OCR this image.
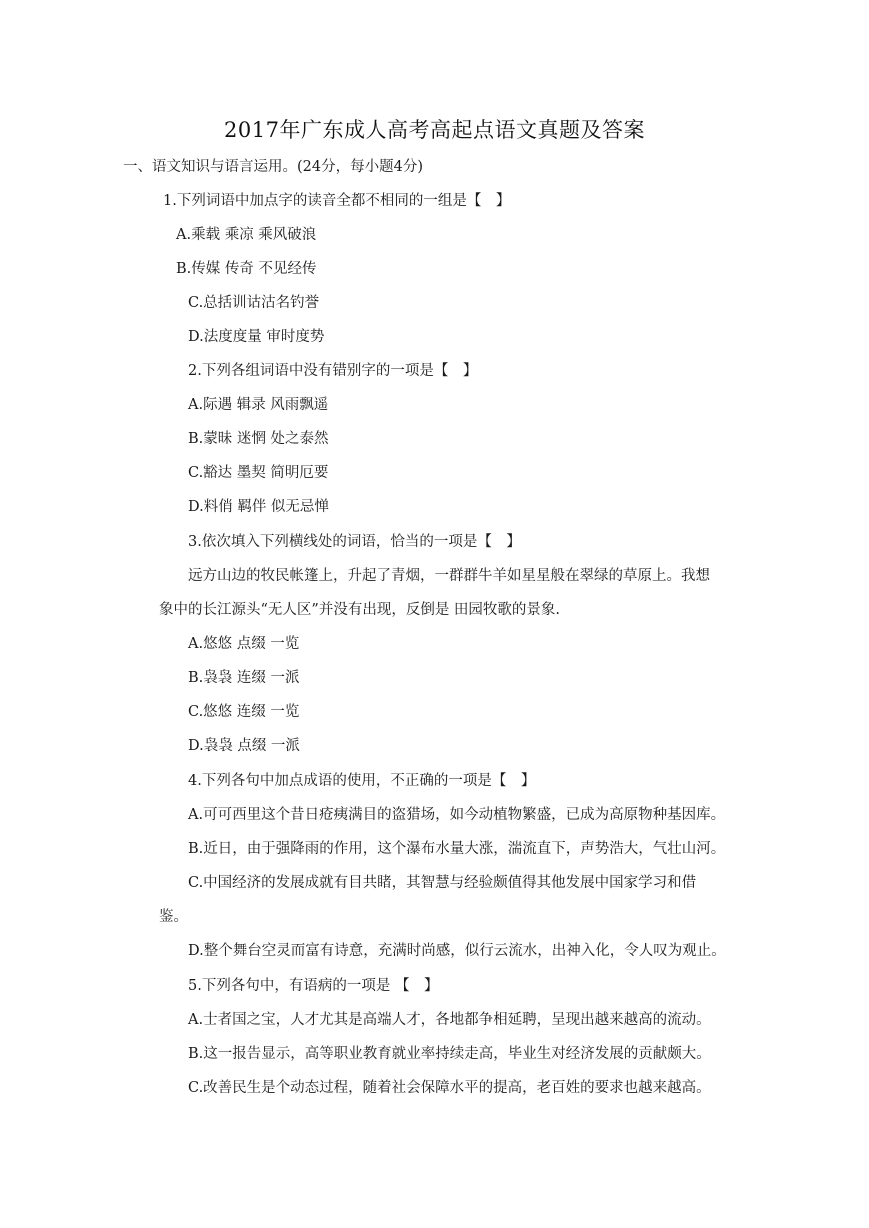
2017年广东成人高考高起点语文真题及答案
一、语文知识与语言运用。(24分，每小题4分)
1.下列词语中加点字的读音全都不相同的一组是【　】
A.乘载 乘凉 乘风破浪
B.传媒 传奇 不见经传
C.总括训诂沽名钓誉
D.法度度量 审时度势
2.下列各组词语中没有错别字的一项是【　】
A.际遇 辑录 风雨飘遥
B.蒙昧 迷惘 处之泰然
C.豁达 墨契 简明厄要
D.料俏 羁伴 似无忌惮
3.依次填入下列横线处的词语，恰当的一项是【　】
远方山边的牧民帐篷上，升起了青烟，一群群牛羊如星星般在翠绿的草原上。我想
象中的长江源头“无人区”并没有出现，反倒是 田园牧歌的景象.
A.悠悠 点缀 一览
B.袅袅 连缀 一派
C.悠悠 连缀 一览
D.袅袅 点缀 一派
4.下列各句中加点成语的使用，不正确的一项是【　】
A.可可西里这个昔日疮痍满目的盗猎场，如今动植物繁盛，已成为高原物种基因库。
B.近日，由于强降雨的作用，这个瀑布水量大涨，湍流直下，声势浩大，气壮山河。
C.中国经济的发展成就有目共睹，其智慧与经验颇值得其他发展中国家学习和借
鉴。
D.整个舞台空灵而富有诗意，充满时尚感，似行云流水，出神入化，令人叹为观止。
5.下列各句中，有语病的一项是 【　】
A.士者国之宝，人才尤其是高端人才，各地都争相延聘，呈现出越来越高的流动。
B.这一报告显示，高等职业教育就业率持续走高，毕业生对经济发展的贡献颇大。
C.改善民生是个动态过程，随着社会保障水平的提高，老百姓的要求也越来越高。
